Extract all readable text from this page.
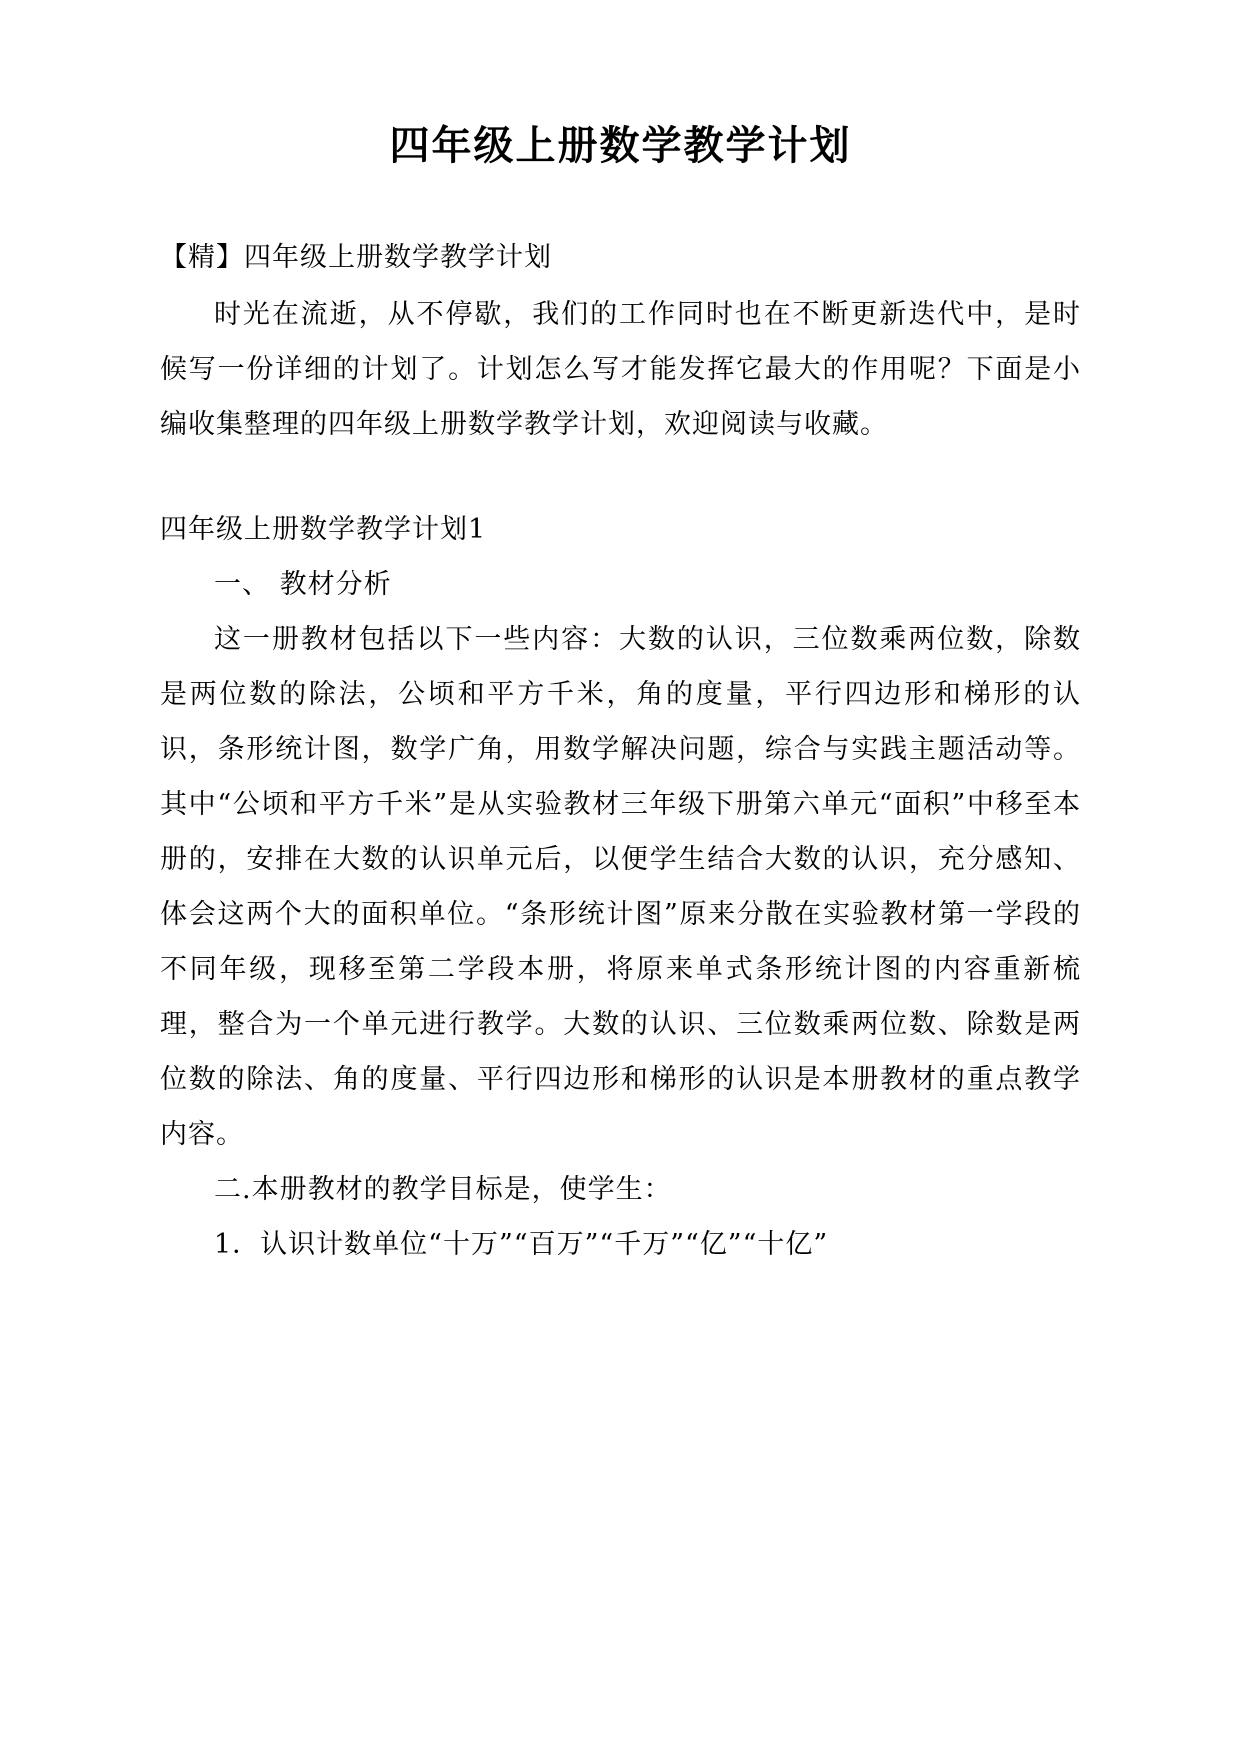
四年级上册数学教学计划

【精】四年级上册数学教学计划

时光在流逝，从不停歇，我们的工作同时也在不断更新迭代中，是时候写一份详细的计划了。计划怎么写才能发挥它最大的作用呢？下面是小编收集整理的四年级上册数学教学计划，欢迎阅读与收藏。

四年级上册数学教学计划1

一、 教材分析

这一册教材包括以下一些内容：大数的认识，三位数乘两位数，除数是两位数的除法，公顷和平方千米，角的度量，平行四边形和梯形的认识，条形统计图，数学广角，用数学解决问题，综合与实践主题活动等。其中“公顷和平方千米”是从实验教材三年级下册第六单元“面积”中移至本册的，安排在大数的认识单元后，以便学生结合大数的认识，充分感知、体会这两个大的面积单位。“条形统计图”原来分散在实验教材第一学段的不同年级，现移至第二学段本册，将原来单式条形统计图的内容重新梳理，整合为一个单元进行教学。大数的认识、三位数乘两位数、除数是两位数的除法、角的度量、平行四边形和梯形的认识是本册教材的重点教学内容。

二.本册教材的教学目标是，使学生：

1．认识计数单位“十万”“百万”“千万”“亿”“十亿”
